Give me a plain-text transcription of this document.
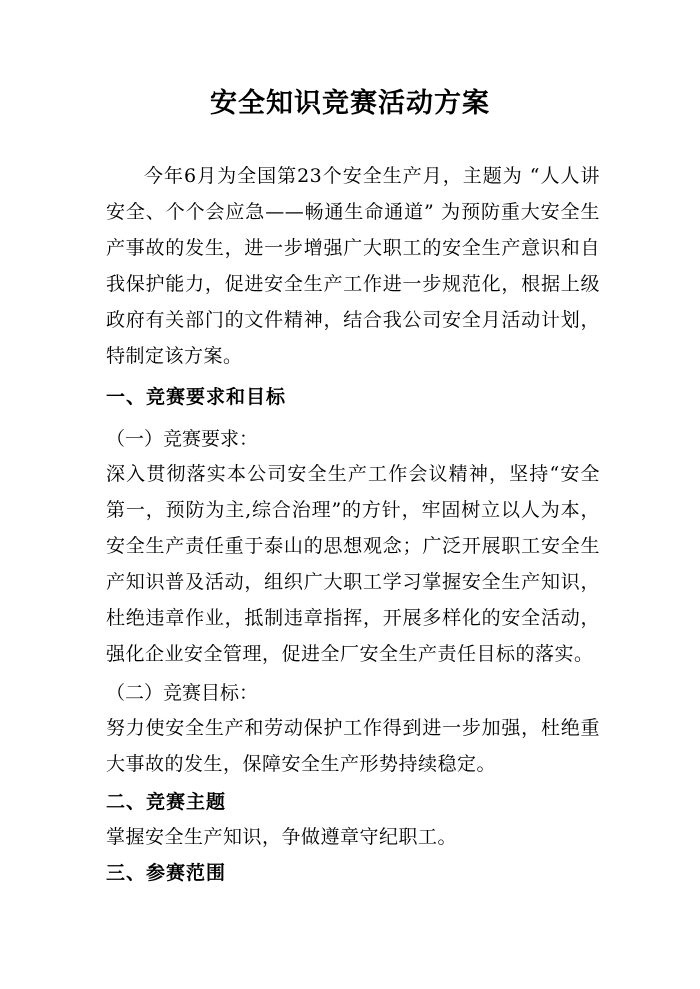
安全知识竞赛活动方案
今年6月为全国第23个安全生产月，主题为 “人人讲安全、个个会应急——畅通生命通道” 为预防重大安全生产事故的发生，进一步增强广大职工的安全生产意识和自我保护能力，促进安全生产工作进一步规范化，根据上级政府有关部门的文件精神，结合我公司安全月活动计划，特制定该方案。
一、竞赛要求和目标
（一）竞赛要求：
深入贯彻落实本公司安全生产工作会议精神，坚持“安全第一，预防为主,综合治理”的方针，牢固树立以人为本，安全生产责任重于泰山的思想观念；广泛开展职工安全生产知识普及活动，组织广大职工学习掌握安全生产知识，杜绝违章作业，抵制违章指挥，开展多样化的安全活动，强化企业安全管理，促进全厂安全生产责任目标的落实。
（二）竞赛目标：
努力使安全生产和劳动保护工作得到进一步加强，杜绝重大事故的发生，保障安全生产形势持续稳定。
二、竞赛主题
掌握安全生产知识，争做遵章守纪职工。
三、参赛范围
